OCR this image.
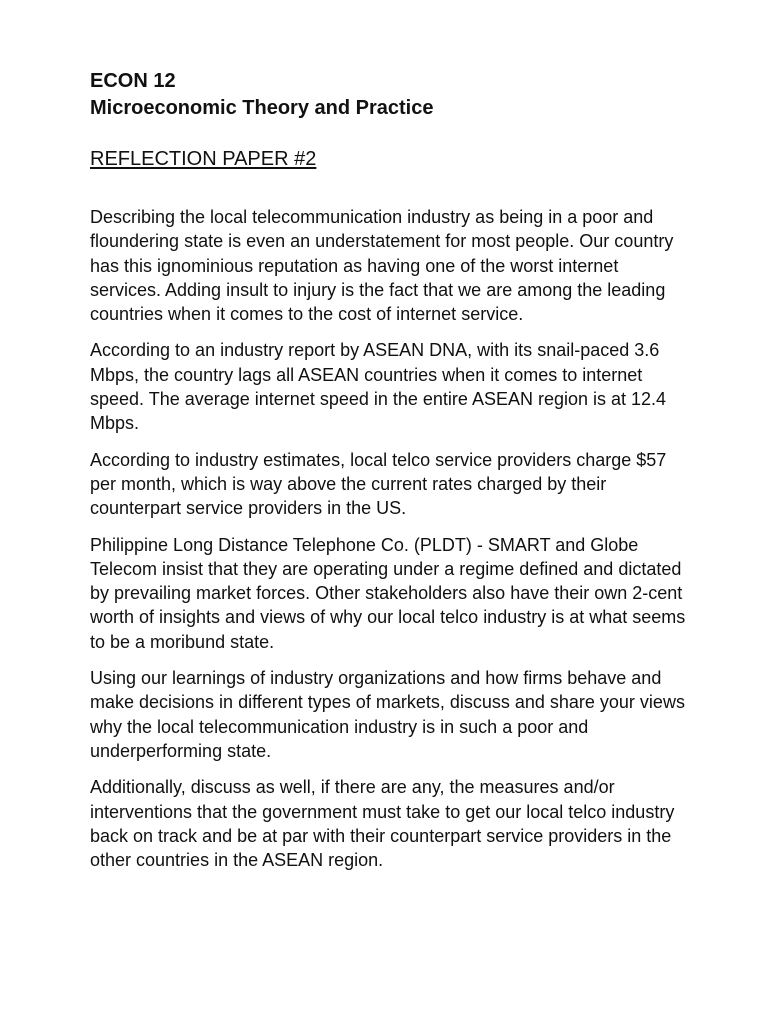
ECON 12
Microeconomic Theory and Practice
REFLECTION PAPER #2

Describing the local telecommunication industry as being in a poor and floundering state is even an understatement for most people. Our country has this ignominious reputation as having one of the worst internet services. Adding insult to injury is the fact that we are among the leading countries when it comes to the cost of internet service.

According to an industry report by ASEAN DNA, with its snail-paced 3.6 Mbps, the country lags all ASEAN countries when it comes to internet speed. The average internet speed in the entire ASEAN region is at 12.4 Mbps.

According to industry estimates, local telco service providers charge $57 per month, which is way above the current rates charged by their counterpart service providers in the US.

Philippine Long Distance Telephone Co. (PLDT) - SMART and Globe Telecom insist that they are operating under a regime defined and dictated by prevailing market forces. Other stakeholders also have their own 2-cent worth of insights and views of why our local telco industry is at what seems to be a moribund state.

Using our learnings of industry organizations and how firms behave and make decisions in different types of markets, discuss and share your views why the local telecommunication industry is in such a poor and underperforming state.

Additionally, discuss as well, if there are any, the measures and/or interventions that the government must take to get our local telco industry back on track and be at par with their counterpart service providers in the other countries in the ASEAN region.
